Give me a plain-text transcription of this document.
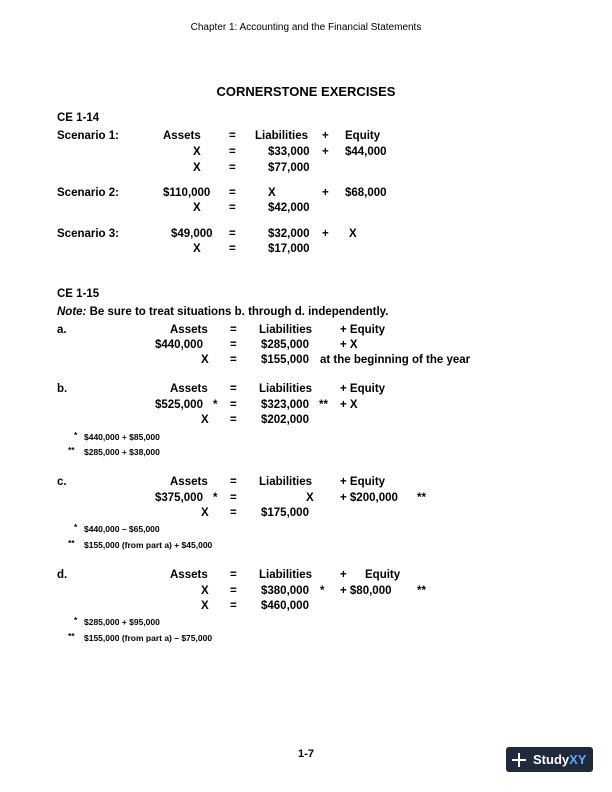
Chapter 1: Accounting and the Financial Statements
CORNERSTONE EXERCISES
CE 1-14
Scenario 1:	Assets = Liabilities + Equity
X =	$33,000 + $44,000
X =	$77,000
Scenario 2:	$110,000 =	X	+ $68,000
X =	$42,000
Scenario 3:	$49,000 =	$32,000 + X
X =	$17,000
CE 1-15
Note: Be sure to treat situations b. through d. independently.
a.	Assets = Liabilities + Equity
$440,000 = $285,000	+ X
X = $155,000 at the beginning of the year
b.	Assets = Liabilities + Equity
$525,000 * = $323,000 ** + X
X = $202,000
* $440,000 + $85,000
** $285,000 + $38,000
c.	Assets = Liabilities + Equity
$375,000 * =	X + $200,000 **
X = $175,000
* $440,000 – $65,000
** $155,000 (from part a) + $45,000
d.	Assets = Liabilities + Equity
X = $380,000 * + $80,000 **
X = $460,000
* $285,000 + $95,000
** $155,000 (from part a) – $75,000
1-7	StudyXY
